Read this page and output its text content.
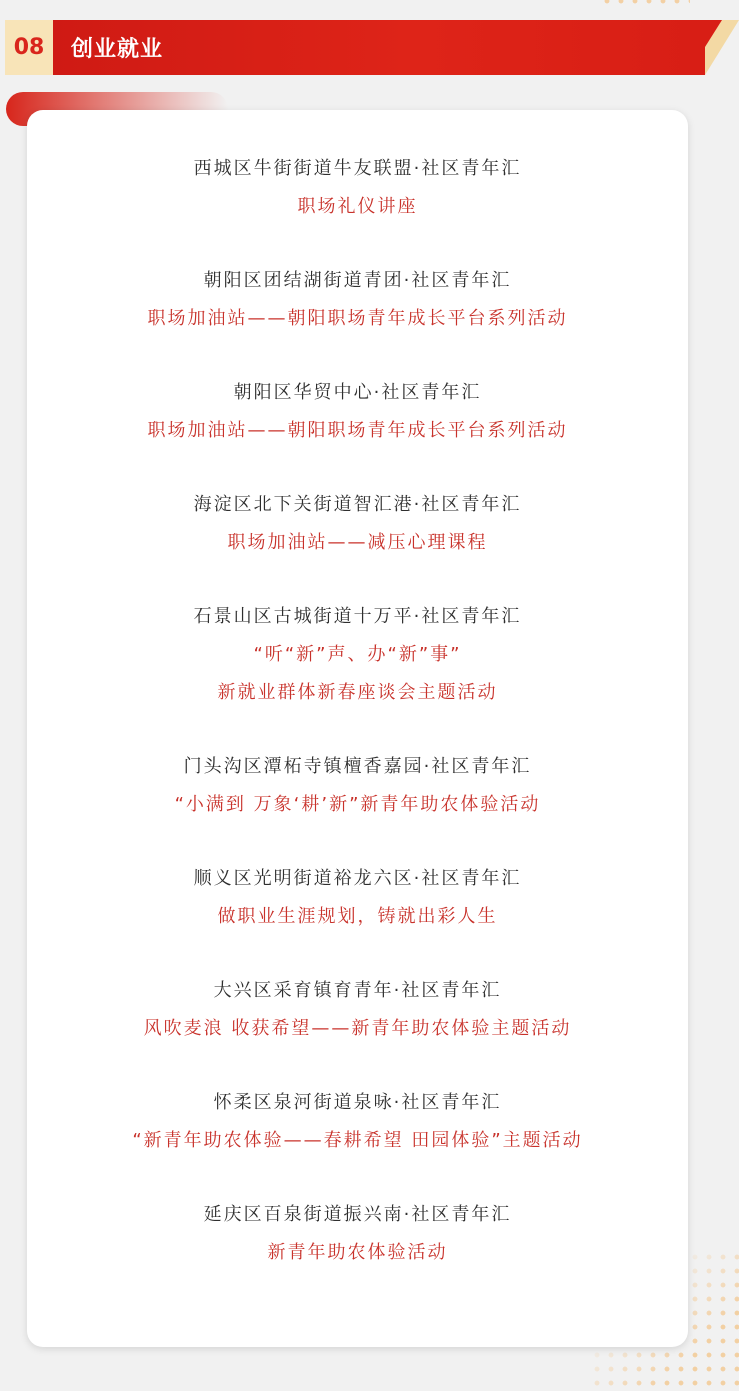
08	创业就业
西城区牛街街道牛友联盟·社区青年汇
职场礼仪讲座
朝阳区团结湖街道青团·社区青年汇
职场加油站——朝阳职场青年成长平台系列活动
朝阳区华贸中心·社区青年汇
职场加油站——朝阳职场青年成长平台系列活动
海淀区北下关街道智汇港·社区青年汇
职场加油站——减压心理课程
石景山区古城街道十万平·社区青年汇
“听“新”声、办“新”事”
新就业群体新春座谈会主题活动
门头沟区潭柘寺镇檀香嘉园·社区青年汇
“小满到 万象‘耕’新”新青年助农体验活动
顺义区光明街道裕龙六区·社区青年汇
做职业生涯规划，铸就出彩人生
大兴区采育镇育青年·社区青年汇
风吹麦浪 收获希望——新青年助农体验主题活动
怀柔区泉河街道泉咏·社区青年汇
“新青年助农体验——春耕希望 田园体验”主题活动
延庆区百泉街道振兴南·社区青年汇
新青年助农体验活动
